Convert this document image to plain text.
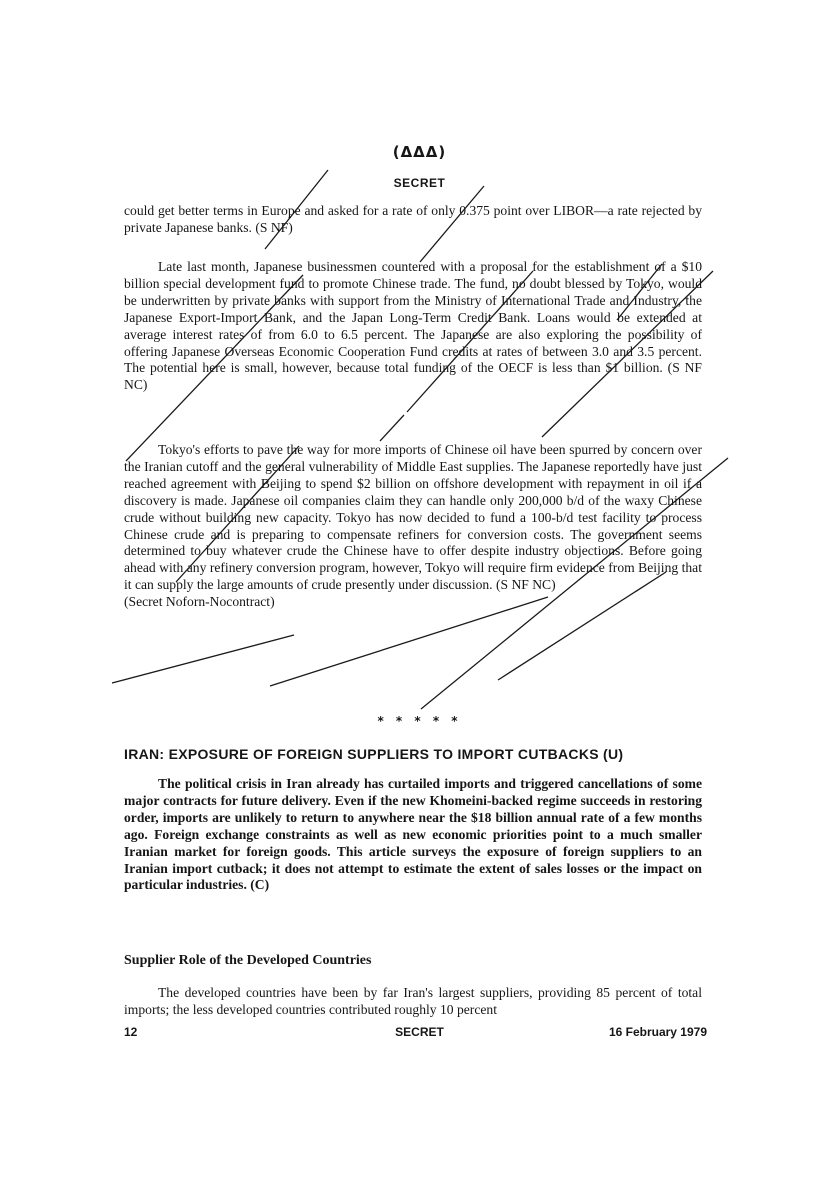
(ΔΔΔ)
SECRET

could get better terms in Europe and asked for a rate of only 0.375 point over LIBOR—a rate rejected by private Japanese banks. (S NF)

Late last month, Japanese businessmen countered with a proposal for the establishment of a $10 billion special development fund to promote Chinese trade. The fund, no doubt blessed by Tokyo, would be underwritten by private banks with support from the Ministry of International Trade and Industry, the Japanese Export-Import Bank, and the Japan Long-Term Credit Bank. Loans would be extended at average interest rates of from 6.0 to 6.5 percent. The Japanese are also exploring the possibility of offering Japanese Overseas Economic Cooperation Fund credits at rates of between 3.0 and 3.5 percent. The potential here is small, however, because total funding of the OECF is less than $1 billion. (S NF NC)

Tokyo's efforts to pave the way for more imports of Chinese oil have been spurred by concern over the Iranian cutoff and the general vulnerability of Middle East supplies. The Japanese reportedly have just reached agreement with Beijing to spend $2 billion on offshore development with repayment in oil if a discovery is made. Japanese oil companies claim they can handle only 200,000 b/d of the waxy Chinese crude without building new capacity. Tokyo has now decided to fund a 100-b/d test facility to process Chinese crude and is preparing to compensate refiners for conversion costs. The government seems determined to buy whatever crude the Chinese have to offer despite industry objections. Before going ahead with any refinery conversion program, however, Tokyo will require firm evidence from Beijing that it can supply the large amounts of crude presently under discussion. (S NF NC)

(Secret Noforn-Nocontract)

* * * * *
IRAN: EXPOSURE OF FOREIGN SUPPLIERS TO IMPORT CUTBACKS (U)

The political crisis in Iran already has curtailed imports and triggered cancellations of some major contracts for future delivery. Even if the new Khomeini-backed regime succeeds in restoring order, imports are unlikely to return to anywhere near the $18 billion annual rate of a few months ago. Foreign exchange constraints as well as new economic priorities point to a much smaller Iranian market for foreign goods. This article surveys the exposure of foreign suppliers to an Iranian import cutback; it does not attempt to estimate the extent of sales losses or the impact on particular industries. (C)

Supplier Role of the Developed Countries

The developed countries have been by far Iran's largest suppliers, providing 85 percent of total imports; the less developed countries contributed roughly 10 percent

12	SECRET	16 February 1979
